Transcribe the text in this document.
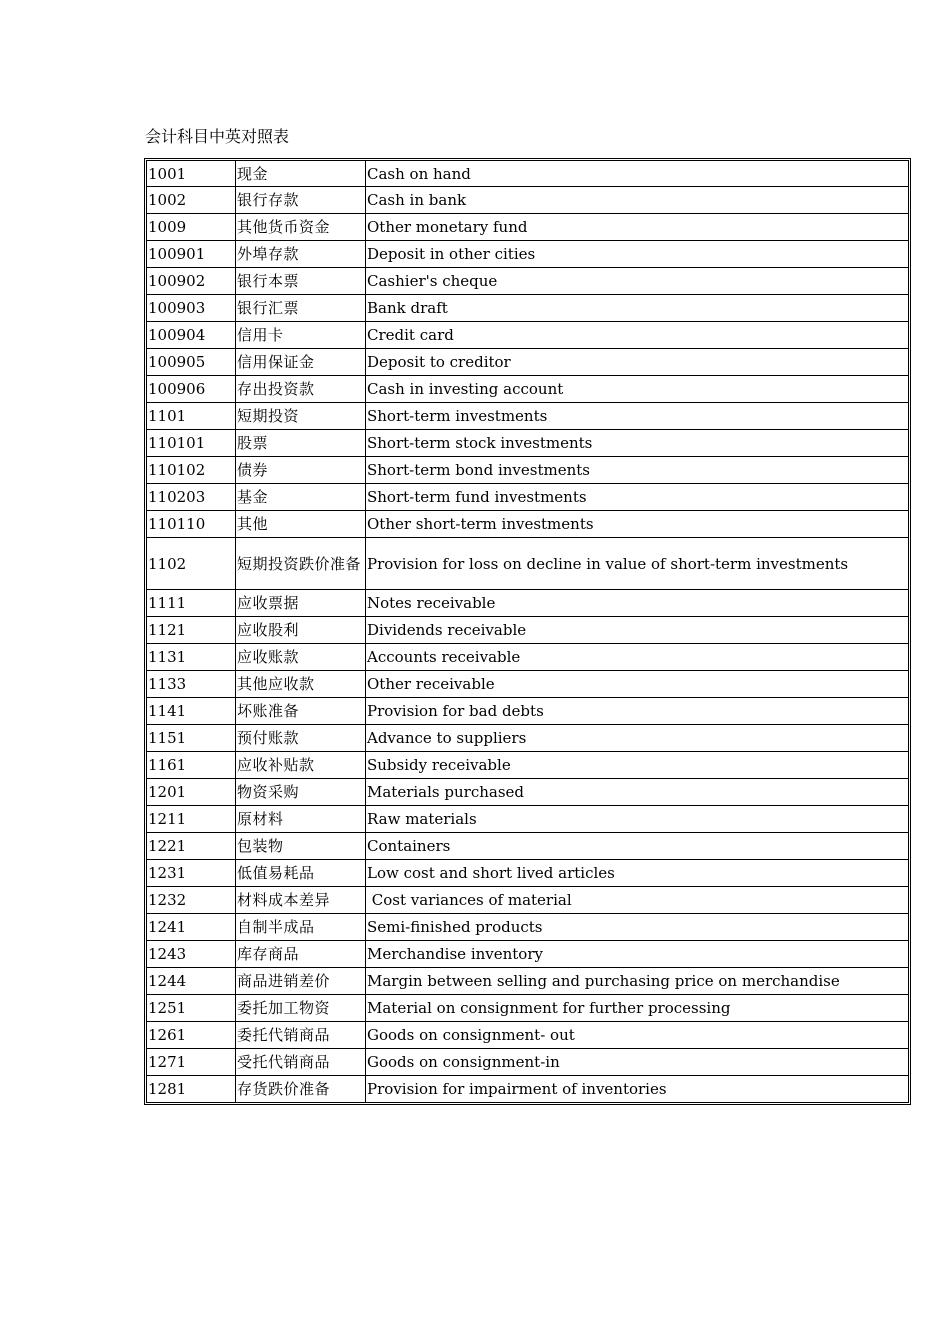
会计科目中英对照表
1001	现金	Cash on hand
1002	银行存款	Cash in bank
1009	其他货币资金	Other monetary fund
100901	外埠存款	Deposit in other cities
100902	银行本票	Cashier's cheque
100903	银行汇票	Bank draft
100904	信用卡	Credit card
100905	信用保证金	Deposit to creditor
100906	存出投资款	Cash in investing account
1101	短期投资	Short-term investments
110101	股票	Short-term stock investments
110102	债券	Short-term bond investments
110203	基金	Short-term fund investments
110110	其他	Other short-term investments
1102	短期投资跌价准备	Provision for loss on decline in value of short-term investments
1111	应收票据	Notes receivable
1121	应收股利	Dividends receivable
1131	应收账款	Accounts receivable
1133	其他应收款	Other receivable
1141	坏账准备	Provision for bad debts
1151	预付账款	Advance to suppliers
1161	应收补贴款	Subsidy receivable
1201	物资采购	Materials purchased
1211	原材料	Raw materials
1221	包装物	Containers
1231	低值易耗品	Low cost and short lived articles
1232	材料成本差异	Cost variances of material
1241	自制半成品	Semi-finished products
1243	库存商品	Merchandise inventory
1244	商品进销差价	Margin between selling and purchasing price on merchandise
1251	委托加工物资	Material on consignment for further processing
1261	委托代销商品	Goods on consignment- out
1271	受托代销商品	Goods on consignment-in
1281	存货跌价准备	Provision for impairment of inventories
